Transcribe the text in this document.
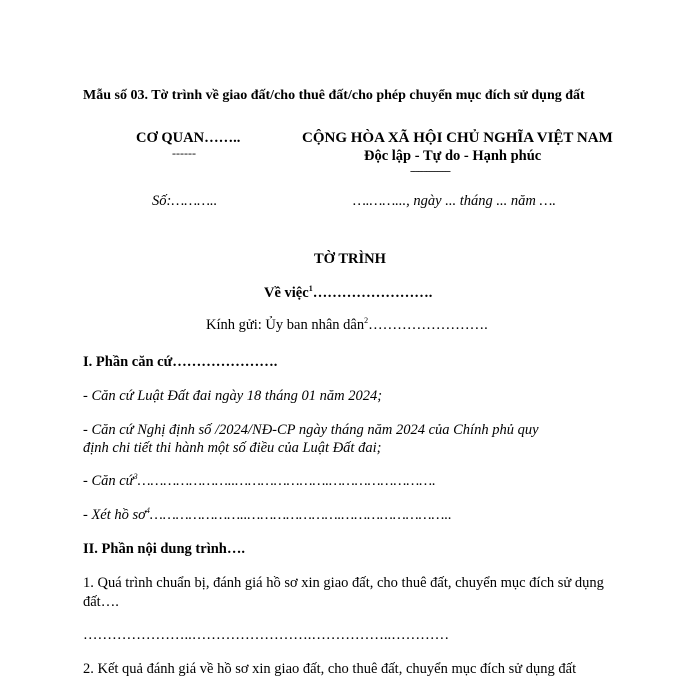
Mẫu số 03. Tờ trình về giao đất/cho thuê đất/cho phép chuyển mục đích sử dụng đất
CƠ QUAN……..
------
CỘNG HÒA XÃ HỘI CHỦ NGHĨA VIỆT NAM
Độc lập - Tự do - Hạnh phúc
---------------
Số:………..	….……..., ngày ... tháng ... năm ….
TỜ TRÌNH
Về việc$^1$…………………….
Kính gửi: Ủy ban nhân dân$^2$…………………….
I. Phần căn cứ………………….
- Căn cứ Luật Đất đai ngày 18 tháng 01 năm 2024;
- Căn cứ Nghị định số /2024/NĐ-CP ngày tháng năm 2024 của Chính phủ quy
định chi tiết thi hành một số điều của Luật Đất đai;
- Căn cứ$^3$…………………..………………….…………………….
- Xét hồ $sơ^4\dots\dots\dots\dots\dots\dots\dots..\dots\dots\dots\dots\dots\dots\dots.\dots\dots\dots\dots\dots\dots\dots\dots$..
II. Phần nội dung trình….
1. Quá trình chuẩn bị, đánh giá hồ sơ xin giao đất, cho thuê đất, chuyển mục đích sử dụng
đất….
…………………..…………………….……………..…………
2. Kết quả đánh giá về hồ sơ xin giao đất, cho thuê đất, chuyển mục đích sử dụng đất
